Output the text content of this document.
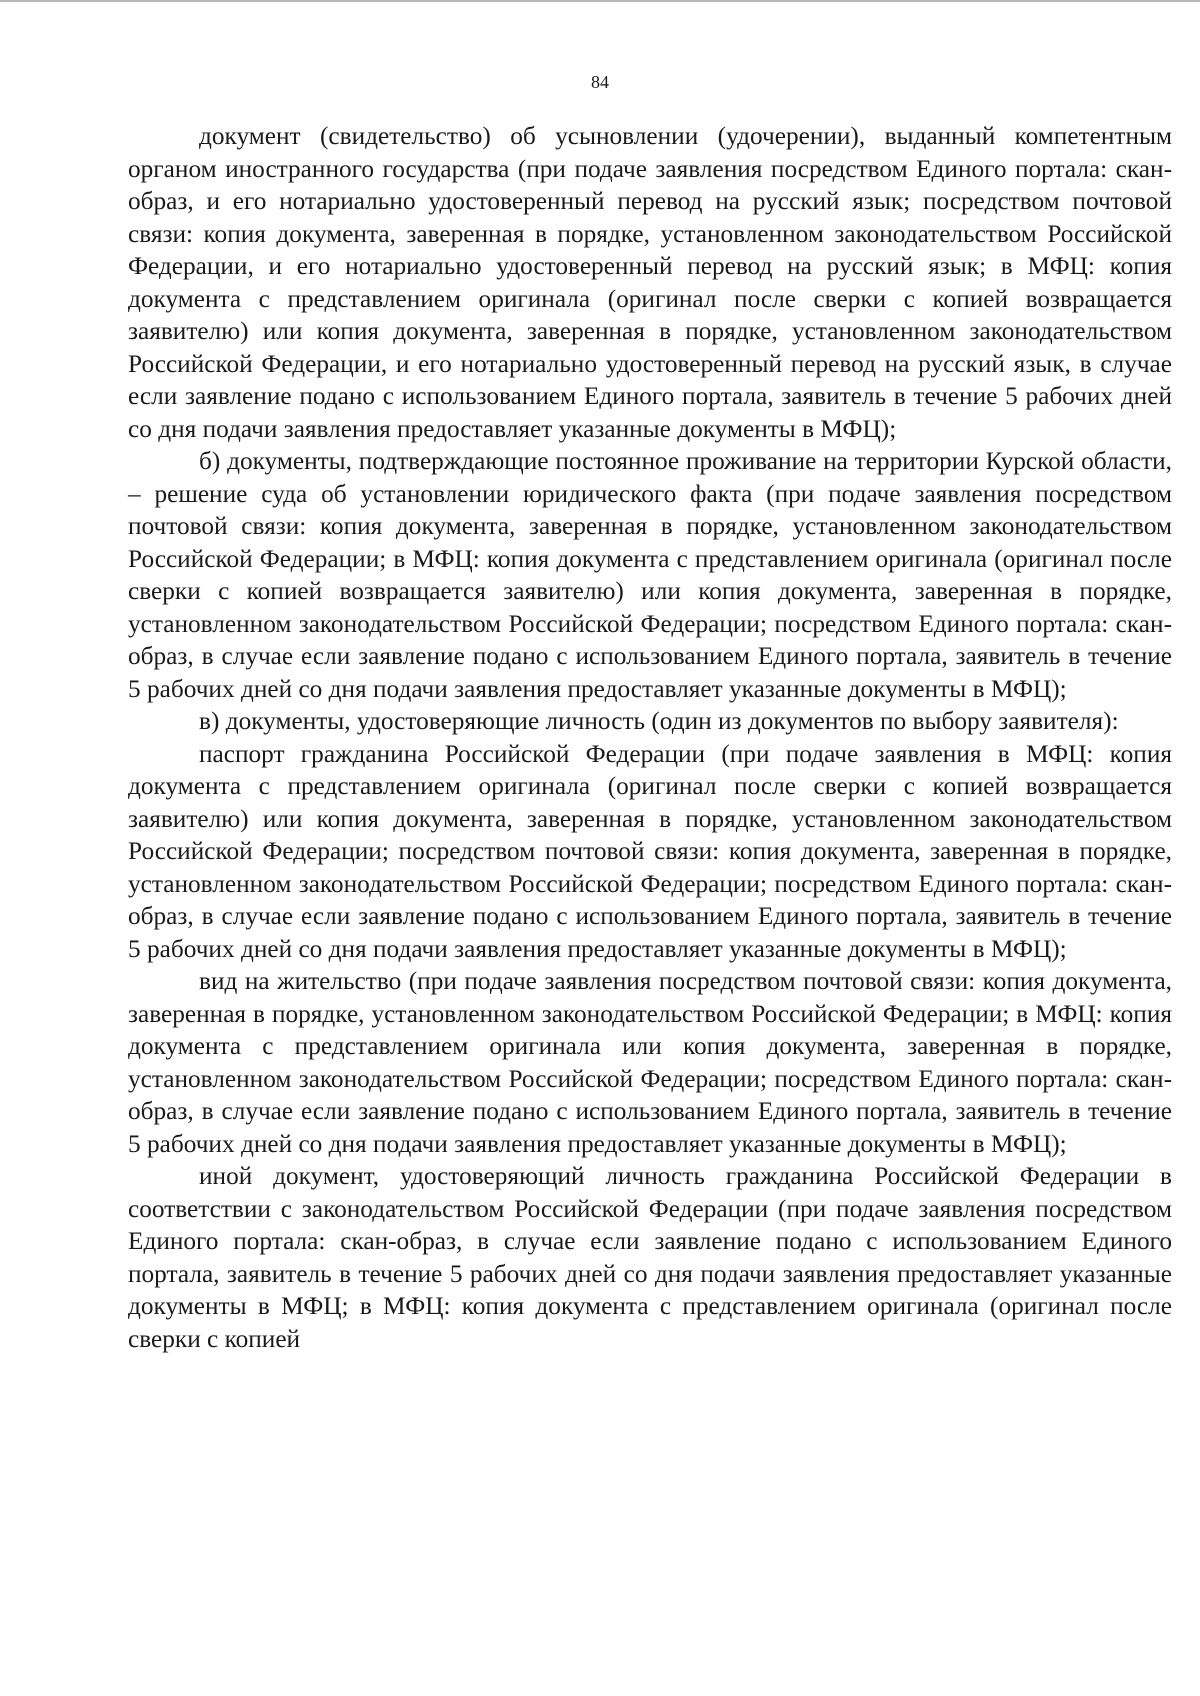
84

документ (свидетельство) об усыновлении (удочерении), выданный компетентным органом иностранного государства (при подаче заявления посредством Единого портала: скан-образ, и его нотариально удостоверенный перевод на русский язык; посредством почтовой связи: копия документа, заверенная в порядке, установленном законодательством Российской Федерации, и его нотариально удостоверенный перевод на русский язык; в МФЦ: копия документа с представлением оригинала (оригинал после сверки с копией возвращается заявителю) или копия документа, заверенная в порядке, установленном законодательством Российской Федерации, и его нотариально удостоверенный перевод на русский язык, в случае если заявление подано с использованием Единого портала, заявитель в течение 5 рабочих дней со дня подачи заявления предоставляет указанные документы в МФЦ);

б) документы, подтверждающие постоянное проживание на территории Курской области, – решение суда об установлении юридического факта (при подаче заявления посредством почтовой связи: копия документа, заверенная в порядке, установленном законодательством Российской Федерации; в МФЦ: копия документа с представлением оригинала (оригинал после сверки с копией возвращается заявителю) или копия документа, заверенная в порядке, установленном законодательством Российской Федерации; посредством Единого портала: скан-образ, в случае если заявление подано с использованием Единого портала, заявитель в течение 5 рабочих дней со дня подачи заявления предоставляет указанные документы в МФЦ);

в) документы, удостоверяющие личность (один из документов по выбору заявителя):

паспорт гражданина Российской Федерации (при подаче заявления в МФЦ: копия документа с представлением оригинала (оригинал после сверки с копией возвращается заявителю) или копия документа, заверенная в порядке, установленном законодательством Российской Федерации; посредством почтовой связи: копия документа, заверенная в порядке, установленном законодательством Российской Федерации; посредством Единого портала: скан-образ, в случае если заявление подано с использованием Единого портала, заявитель в течение 5 рабочих дней со дня подачи заявления предоставляет указанные документы в МФЦ);

вид на жительство (при подаче заявления посредством почтовой связи: копия документа, заверенная в порядке, установленном законодательством Российской Федерации; в МФЦ: копия документа с представлением оригинала или копия документа, заверенная в порядке, установленном законодательством Российской Федерации; посредством Единого портала: скан-образ, в случае если заявление подано с использованием Единого портала, заявитель в течение 5 рабочих дней со дня подачи заявления предоставляет указанные документы в МФЦ);

иной документ, удостоверяющий личность гражданина Российской Федерации в соответствии с законодательством Российской Федерации (при подаче заявления посредством Единого портала: скан-образ, в случае если заявление подано с использованием Единого портала, заявитель в течение 5 рабочих дней со дня подачи заявления предоставляет указанные документы в МФЦ; в МФЦ: копия документа с представлением оригинала (оригинал после сверки с копией
